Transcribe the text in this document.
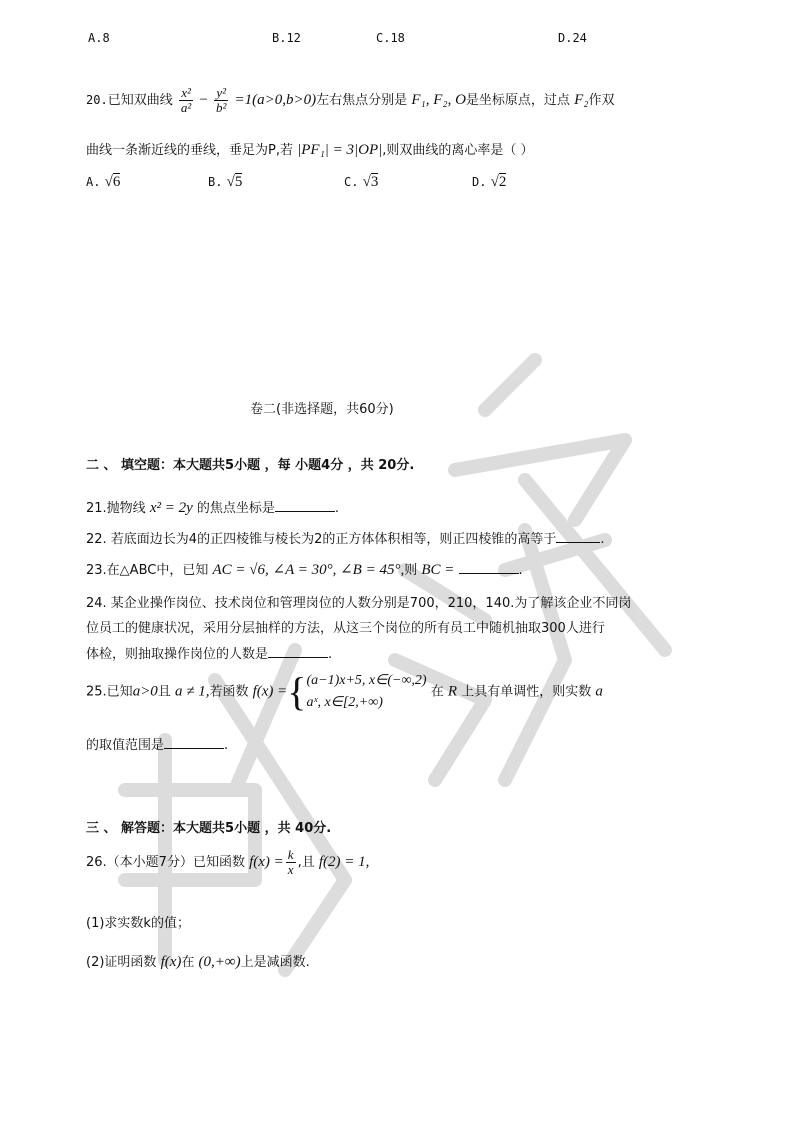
A.8	B.12	C.18	D.24
20.已知双曲线 $\frac{\text{x²}}{\text{a²}} - \frac{\text{y²}}{\text{b²}} =1(a>0,b>0)$左右焦点分别是 F₁, F₂, O是坐标原点，过点 F₂作双
曲线一条渐近线的垂线，垂足为P,若 |PF₁| = 3|OP|,则双曲线的离心率是（ ）
A. √6	B. √5	C. √3	D. √2
卷二(非选择题，共60分)
二 、 填空题：本大题共5小题 ，每 小题4分 ，共 20分.
21.抛物线 x² = 2y 的焦点坐标是	.
22. 若底面边长为4的正四棱锥与棱长为2的正方体体积相等，则正四棱锥的高等于	.
23.在△ABC中，已知 AC = √6, ∠A = 30°, ∠B = 45°,则 BC =	.
24. 某企业操作岗位、技术岗位和管理岗位的人数分别是700，210，140.为了解该企业不同岗
位员工的健康状况，采用分层抽样的方法，从这三个岗位的所有员工中随机抽取300人进行
体检，则抽取操作岗位的人数是	.
25.已知a>0且 a ≠ 1,若函数 f(x) ={ (a−1)x+5, x∈(−∞,2)
aˣ, x∈[2,+∞)
在 R 上具有单调性，则实数 a
的取值范围是	.
三 、 解答题：本大题共5小题 ，共 40分.
26.（本小题7分）已知函数 $f(x) = \frac{k}{x}$ ,且 f(2) = 1,
(1)求实数k的值；
(2)证明函数 f(x)在 (0,+∞)上是减函数.
